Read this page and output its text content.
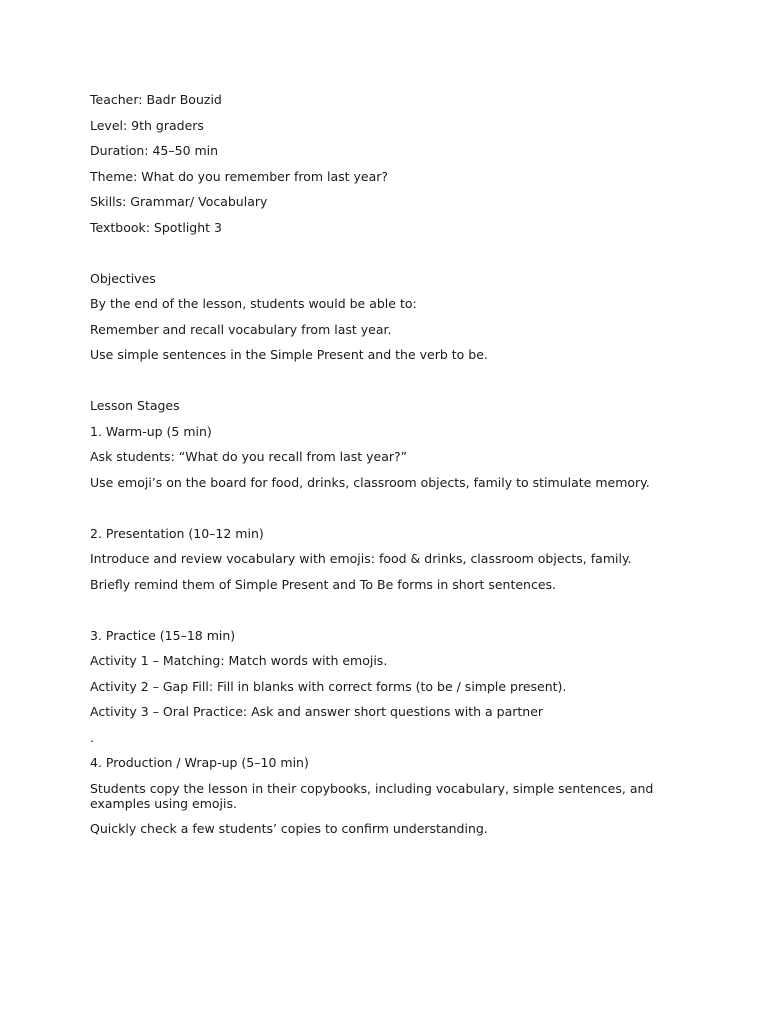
Teacher: Badr Bouzid
Level: 9th graders
Duration: 45–50 min
Theme: What do you remember from last year?
Skills: Grammar/ Vocabulary
Textbook: Spotlight 3
Objectives
By the end of the lesson, students would be able to:
Remember and recall vocabulary from last year.
Use simple sentences in the Simple Present and the verb to be.
Lesson Stages
1. Warm-up (5 min)
Ask students: “What do you recall from last year?”
Use emoji’s on the board for food, drinks, classroom objects, family to stimulate memory.
2. Presentation (10–12 min)
Introduce and review vocabulary with emojis: food & drinks, classroom objects, family.
Briefly remind them of Simple Present and To Be forms in short sentences.
3. Practice (15–18 min)
Activity 1 – Matching: Match words with emojis.
Activity 2 – Gap Fill: Fill in blanks with correct forms (to be / simple present).
Activity 3 – Oral Practice: Ask and answer short questions with a partner
.
4. Production / Wrap-up (5–10 min)
Students copy the lesson in their copybooks, including vocabulary, simple sentences, and examples using emojis.
Quickly check a few students’ copies to confirm understanding.
